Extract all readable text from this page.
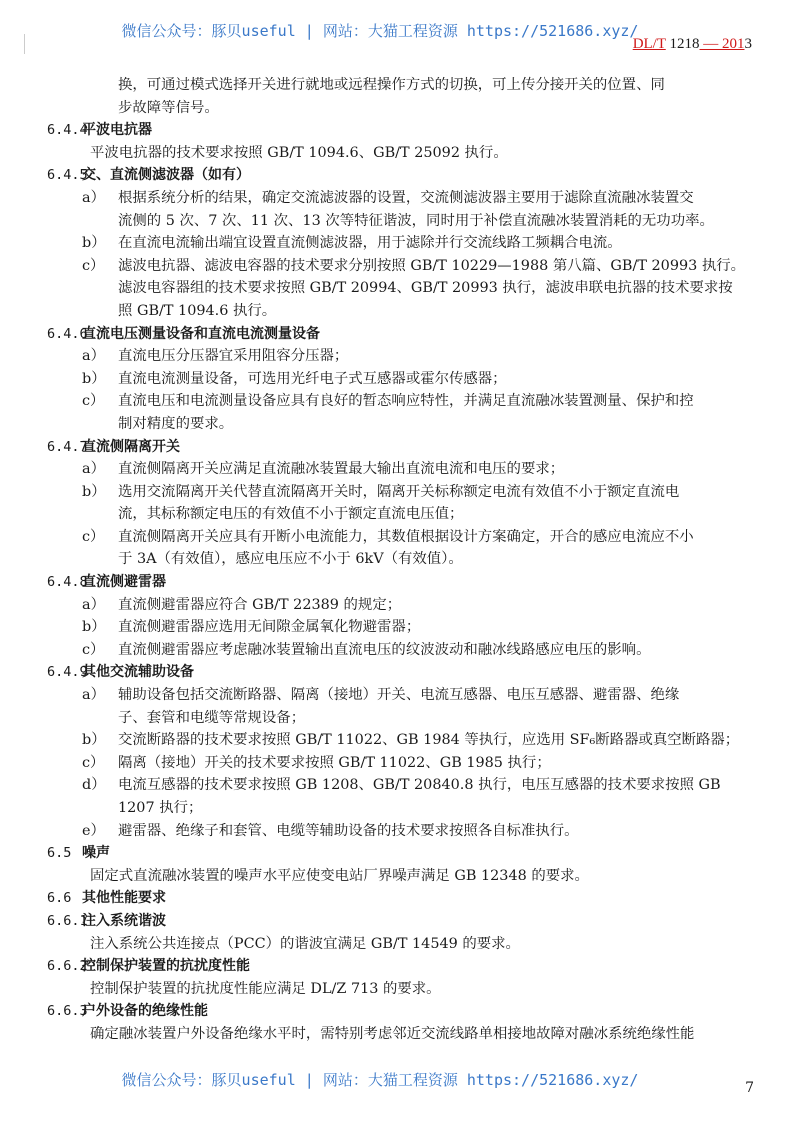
微信公众号：豚贝useful | 网站：大猫工程资源 https://521686.xyz/
DL/T 1218 — 2013
换，可通过模式选择开关进行就地或远程操作方式的切换，可上传分接开关的位置、同
步故障等信号。
6.4.4
平波电抗器
平波电抗器的技术要求按照 GB/T 1094.6、GB/T 25092 执行。
6.4.5
交、直流侧滤波器（如有）
a） 根据系统分析的结果，确定交流滤波器的设置，交流侧滤波器主要用于滤除直流融冰装置交
流侧的 5 次、7 次、11 次、13 次等特征谐波，同时用于补偿直流融冰装置消耗的无功功率。
b） 在直流电流输出端宜设置直流侧滤波器，用于滤除并行交流线路工频耦合电流。
c） 滤波电抗器、滤波电容器的技术要求分别按照 GB/T 10229—1988 第八篇、GB/T 20993 执行。
滤波电容器组的技术要求按照 GB/T 20994、GB/T 20993 执行，滤波串联电抗器的技术要求按
照 GB/T 1094.6 执行。
6.4.6
直流电压测量设备和直流电流测量设备
a） 直流电压分压器宜采用阻容分压器；
b） 直流电流测量设备，可选用光纤电子式互感器或霍尔传感器；
c） 直流电压和电流测量设备应具有良好的暂态响应特性，并满足直流融冰装置测量、保护和控
制对精度的要求。
6.4.7
直流侧隔离开关
a） 直流侧隔离开关应满足直流融冰装置最大输出直流电流和电压的要求；
b） 选用交流隔离开关代替直流隔离开关时，隔离开关标称额定电流有效值不小于额定直流电
流，其标称额定电压的有效值不小于额定直流电压值；
c） 直流侧隔离开关应具有开断小电流能力，其数值根据设计方案确定，开合的感应电流应不小
于 3A（有效值），感应电压应不小于 6kV（有效值）。
6.4.8
直流侧避雷器
a） 直流侧避雷器应符合 GB/T 22389 的规定；
b） 直流侧避雷器应选用无间隙金属氧化物避雷器；
c） 直流侧避雷器应考虑融冰装置输出直流电压的纹波波动和融冰线路感应电压的影响。
6.4.9
其他交流辅助设备
a） 辅助设备包括交流断路器、隔离（接地）开关、电流互感器、电压互感器、避雷器、绝缘
子、套管和电缆等常规设备；
b） 交流断路器的技术要求按照 GB/T 11022、GB 1984 等执行，应选用 SF₆断路器或真空断路器；
c） 隔离（接地）开关的技术要求按照 GB/T 11022、GB 1985 执行；
d） 电流互感器的技术要求按照 GB 1208、GB/T 20840.8 执行，电压互感器的技术要求按照 GB
1207 执行；
e） 避雷器、绝缘子和套管、电缆等辅助设备的技术要求按照各自标准执行。
6.5 噪声
固定式直流融冰装置的噪声水平应使变电站厂界噪声满足 GB 12348 的要求。
6.6 其他性能要求
6.6.1
注入系统谐波
注入系统公共连接点（PCC）的谐波宜满足 GB/T 14549 的要求。
6.6.2
控制保护装置的抗扰度性能
控制保护装置的抗扰度性能应满足 DL/Z 713 的要求。
6.6.3
户外设备的绝缘性能
确定融冰装置户外设备绝缘水平时，需特别考虑邻近交流线路单相接地故障对融冰系统绝缘性能
微信公众号：豚贝useful | 网站：大猫工程资源 https://521686.xyz/	7
